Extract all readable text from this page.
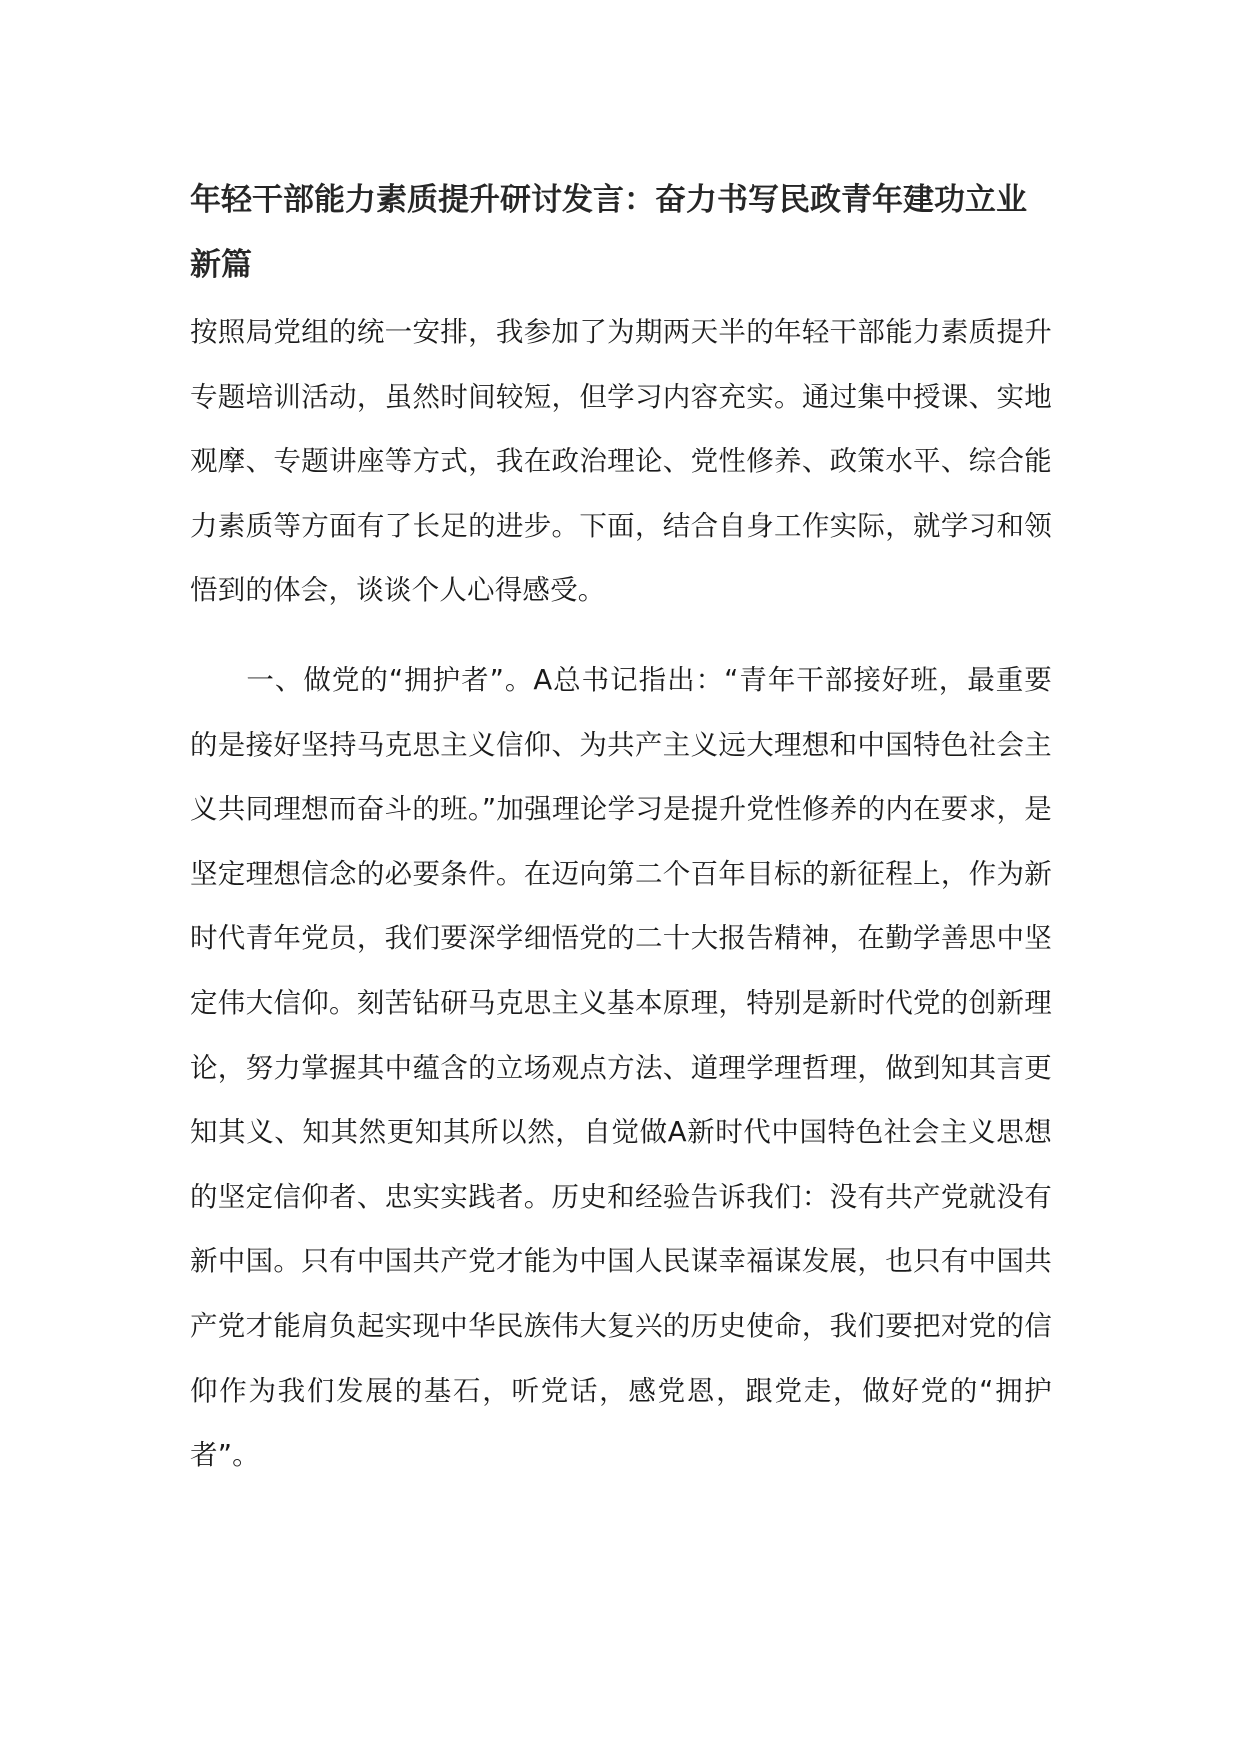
年轻干部能力素质提升研讨发言：奋力书写民政青年建功立业新篇

按照局党组的统一安排，我参加了为期两天半的年轻干部能力素质提升专题培训活动，虽然时间较短，但学习内容充实。通过集中授课、实地观摩、专题讲座等方式，我在政治理论、党性修养、政策水平、综合能力素质等方面有了长足的进步。下面，结合自身工作实际，就学习和领悟到的体会，谈谈个人心得感受。

一、做党的“拥护者”。A总书记指出：“青年干部接好班，最重要的是接好坚持马克思主义信仰、为共产主义远大理想和中国特色社会主义共同理想而奋斗的班。”加强理论学习是提升党性修养的内在要求，是坚定理想信念的必要条件。在迈向第二个百年目标的新征程上，作为新时代青年党员，我们要深学细悟党的二十大报告精神，在勤学善思中坚定伟大信仰。刻苦钻研马克思主义基本原理，特别是新时代党的创新理论，努力掌握其中蕴含的立场观点方法、道理学理哲理，做到知其言更知其义、知其然更知其所以然，自觉做A新时代中国特色社会主义思想的坚定信仰者、忠实实践者。历史和经验告诉我们：没有共产党就没有新中国。只有中国共产党才能为中国人民谋幸福谋发展，也只有中国共产党才能肩负起实现中华民族伟大复兴的历史使命，我们要把对党的信仰作为我们发展的基石，听党话，感党恩，跟党走，做好党的“拥护者”。
